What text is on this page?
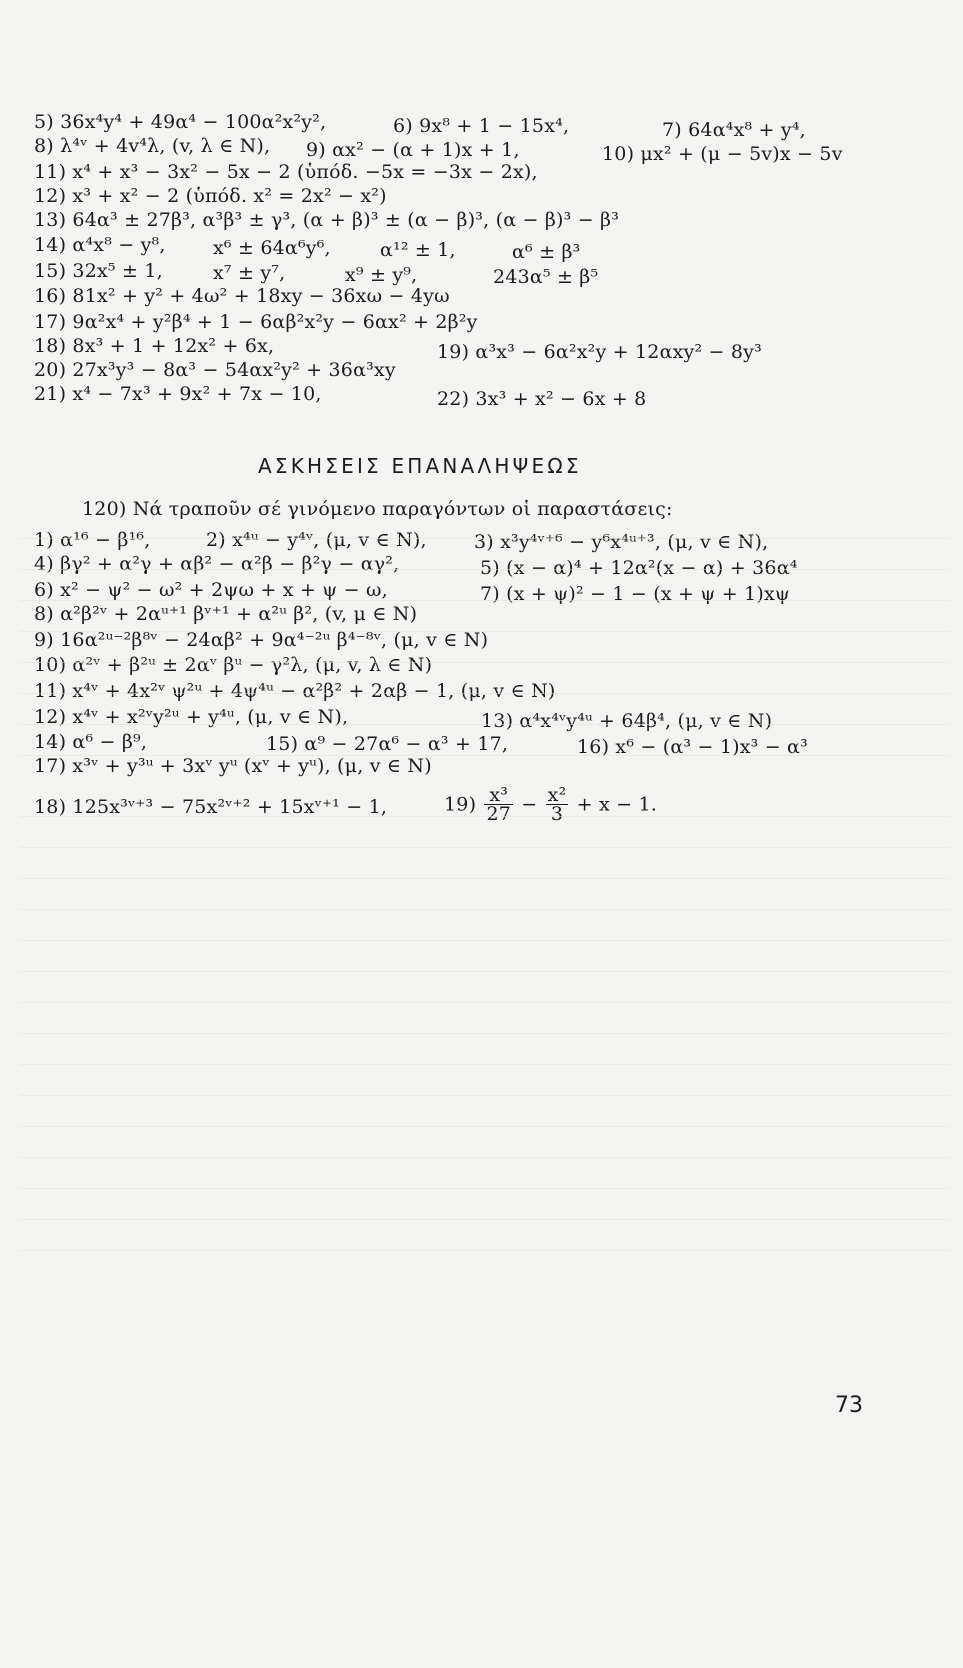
5) 36x⁴y⁴ + 49α⁴ − 100α²x²y²,	6) 9x⁸ + 1 − 15x⁴,	7) 64α⁴x⁸ + y⁴,
8) λ⁴ᵛ + 4v⁴λ, (v, λ ∈ N), 9) αx² − (α + 1)x + 1,	10) μx² + (μ − 5v)x − 5v
11) x⁴ + x³ − 3x² − 5x − 2 (ὑπόδ. −5x = −3x − 2x),
12) x³ + x² − 2 (ὑπόδ. x² = 2x² − x²)
13) 64α³ ± 27β³, α³β³ ± γ³, (α + β)³ ± (α − β)³, (α − β)³ − β³
14) α⁴x⁸ − y⁸, x⁶ ± 64α⁶y⁶,	α¹² ± 1,	α⁶ ± β³
15) 32x⁵ ± 1,	x⁷ ± y⁷,	x⁹ ± y⁹,	243α⁵ ± β⁵
16) 81x² + y² + 4ω² + 18xy − 36xω − 4yω
17) 9α²x⁴ + y²β⁴ + 1 − 6αβ²x²y − 6αx² + 2β²y
18) 8x³ + 1 + 12x² + 6x,	19) α³x³ − 6α²x²y + 12αxy² − 8y³
20) 27x³y³ − 8α³ − 54αx²y² + 36α³xy
21) x⁴ − 7x³ + 9x² + 7x − 10,	22) 3x³ + x² − 6x + 8
ΑΣΚΗΣΕΙΣ ΕΠΑΝΑΛΗΨΕΩΣ
120) Νά τραποῦν σέ γινόμενο παραγόντων οἱ παραστάσεις:
1) α¹⁶ − β¹⁶,	2) x⁴ᵘ − y⁴ᵛ, (μ, v ∈ N), 3) x³y⁴ᵛ⁺⁶ − y⁶x⁴ᵘ⁺³, (μ, v ∈ N),
4) βγ² + α²γ + αβ² − α²β − β²γ − αγ²,	5) (x − α)⁴ + 12α²(x − α) + 36α⁴
6) x² − ψ² − ω² + 2ψω + x + ψ − ω,	7) (x + ψ)² − 1 − (x + ψ + 1)xψ
8) α²β²ᵛ + 2αᵘ⁺¹ βᵛ⁺¹ + α²ᵘ β², (v, μ ∈ N)
9) 16α²ᵘ⁻²β⁸ᵛ − 24αβ² + 9α⁴⁻²ᵘ β⁴⁻⁸ᵛ, (μ, v ∈ N)
10) α²ᵛ + β²ᵘ ± 2αᵛ βᵘ − γ²λ, (μ, v, λ ∈ N)
11) x⁴ᵛ + 4x²ᵛ ψ²ᵘ + 4ψ⁴ᵘ − α²β² + 2αβ − 1, (μ, v ∈ N)
12) x⁴ᵛ + x²ᵛy²ᵘ + y⁴ᵘ, (μ, v ∈ N),	13) α⁴x⁴ᵛy⁴ᵘ + 64β⁴, (μ, v ∈ N)
14) α⁶ − β⁹,	15) α⁹ − 27α⁶ − α³ + 17,	16) x⁶ − (α³ − 1)x³ − α³
17) x³ᵛ + y³ᵘ + 3xᵛ yᵘ (xᵛ + yᵘ), (μ, v ∈ N)
18) 125x³ᵛ⁺³ − 75x²ᵛ⁺² + 15xᵛ⁺¹ − 1,	$19) \frac{\text{x³}}{27} - \frac{\text{x²}}{3} + x - 1$.
73
